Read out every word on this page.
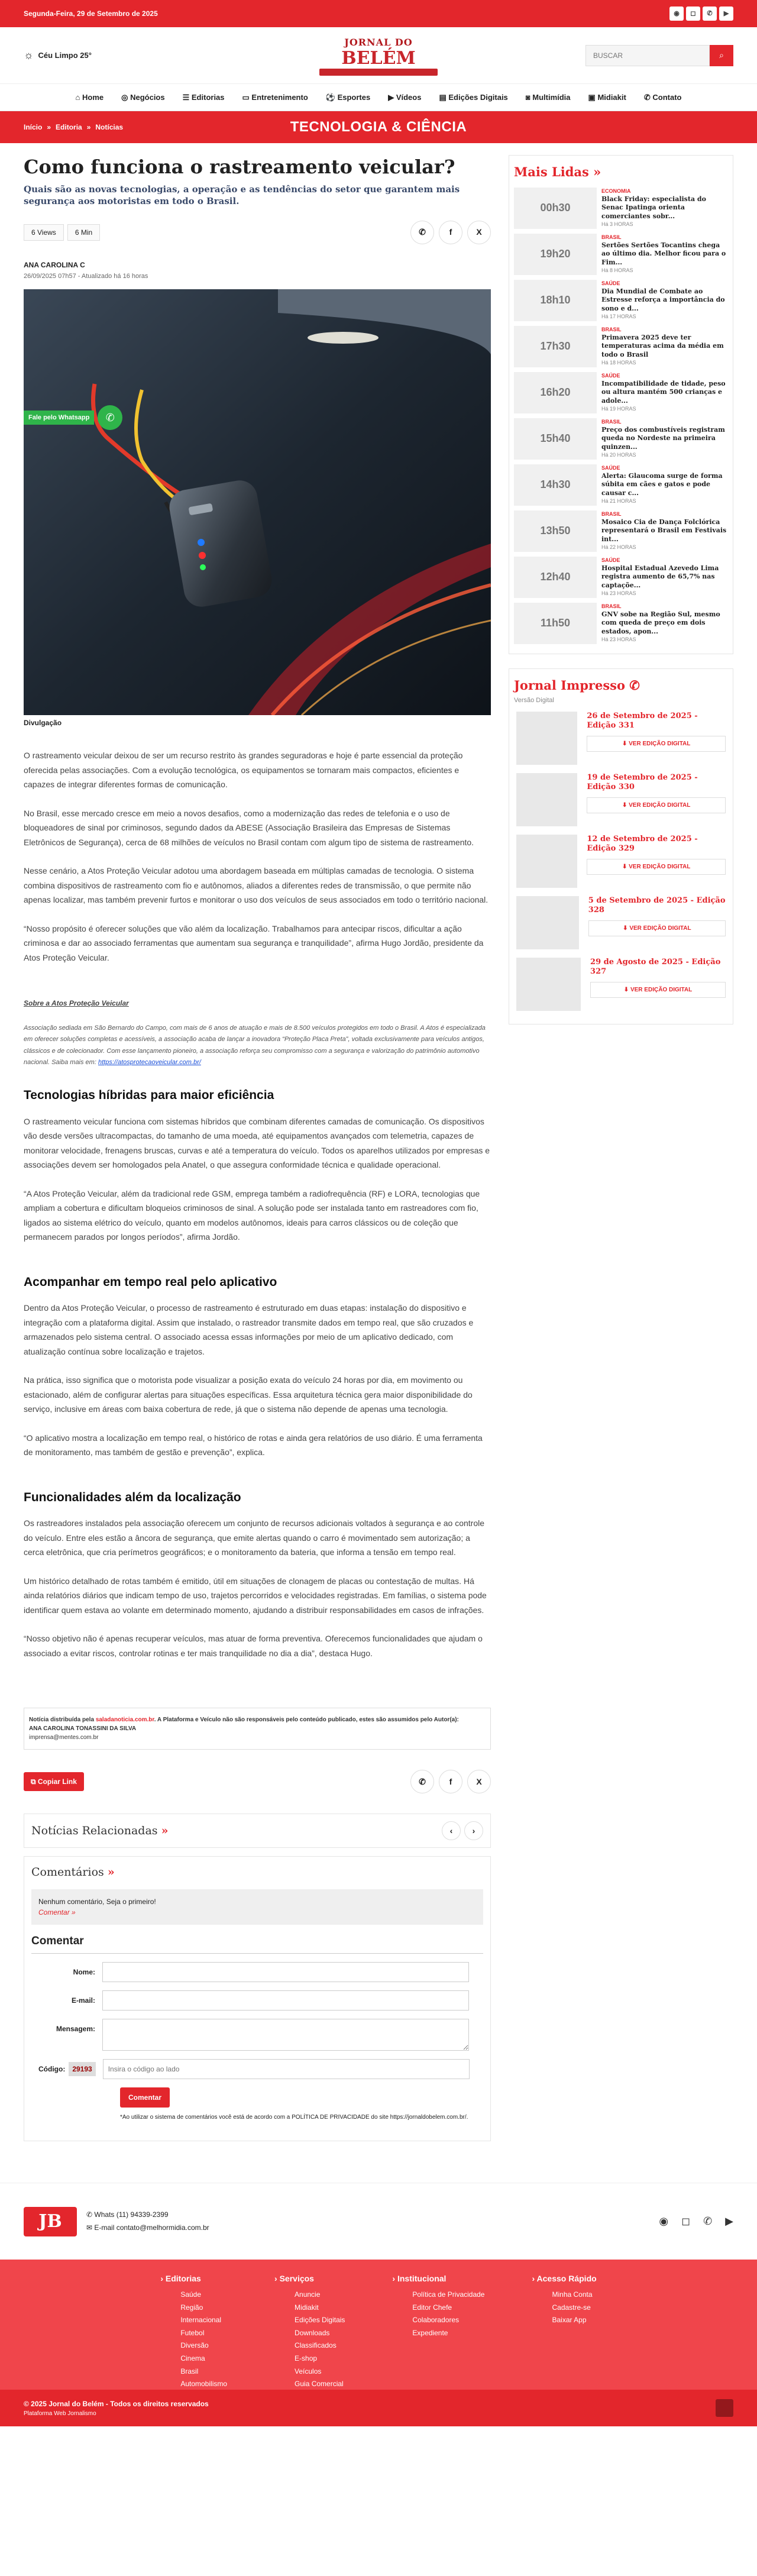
Segunda-Feira, 29 de Setembro de 2025	◉	◻	✆	▶
☼ Céu Limpo 25°
JORNAL DO
BELÉM
BUSCAR	⌕
⌂ Home ◎ Negócios ☰ Editorias ▭ Entretenimento ⚽ Esportes ▶ Vídeos ▤ Edições Digitais ◙ Multimídia ▣ Midiakit ✆ Contato
Início » Editoria » Notícias	TECNOLOGIA & CIÊNCIA
Como funciona o rastreamento veicular?
Quais são as novas tecnologias, a operação e as tendências do setor que garantem mais segurança aos motoristas em todo o Brasil.
6 Views	6 Min	✆	f	X
ANA CAROLINA C
26/09/2025 07h57 - Atualizado há 16 horas
Fale pelo Whatsapp	✆
Divulgação

O rastreamento veicular deixou de ser um recurso restrito às grandes seguradoras e hoje é parte essencial da proteção oferecida pelas associações. Com a evolução tecnológica, os equipamentos se tornaram mais compactos, eficientes e capazes de integrar diferentes formas de comunicação.

No Brasil, esse mercado cresce em meio a novos desafios, como a modernização das redes de telefonia e o uso de bloqueadores de sinal por criminosos, segundo dados da ABESE (Associação Brasileira das Empresas de Sistemas Eletrônicos de Segurança), cerca de 68 milhões de veículos no Brasil contam com algum tipo de sistema de rastreamento.

Nesse cenário, a Atos Proteção Veicular adotou uma abordagem baseada em múltiplas camadas de tecnologia. O sistema combina dispositivos de rastreamento com fio e autônomos, aliados a diferentes redes de transmissão, o que permite não apenas localizar, mas também prevenir furtos e monitorar o uso dos veículos de seus associados em todo o território nacional.

“Nosso propósito é oferecer soluções que vão além da localização. Trabalhamos para antecipar riscos, dificultar a ação criminosa e dar ao associado ferramentas que aumentam sua segurança e tranquilidade”, afirma Hugo Jordão, presidente da Atos Proteção Veicular.

Sobre a Atos Proteção Veicular
Associação sediada em São Bernardo do Campo, com mais de 6 anos de atuação e mais de 8.500 veículos protegidos em todo o Brasil. A Atos é especializada em oferecer soluções completas e acessíveis, a associação acaba de lançar a inovadora “Proteção Placa Preta”, voltada exclusivamente para veículos antigos, clássicos e de colecionador. Com esse lançamento pioneiro, a associação reforça seu compromisso com a segurança e valorização do patrimônio automotivo nacional. Saiba mais em: https://atosprotecaoveicular.com.br/
Tecnologias híbridas para maior eficiência

O rastreamento veicular funciona com sistemas híbridos que combinam diferentes camadas de comunicação. Os dispositivos vão desde versões ultracompactas, do tamanho de uma moeda, até equipamentos avançados com telemetria, capazes de monitorar velocidade, frenagens bruscas, curvas e até a temperatura do veículo. Todos os aparelhos utilizados por empresas e associações devem ser homologados pela Anatel, o que assegura conformidade técnica e qualidade operacional.

“A Atos Proteção Veicular, além da tradicional rede GSM, emprega também a radiofrequência (RF) e LORA, tecnologias que ampliam a cobertura e dificultam bloqueios criminosos de sinal. A solução pode ser instalada tanto em rastreadores com fio, ligados ao sistema elétrico do veículo, quanto em modelos autônomos, ideais para carros clássicos ou de coleção que permanecem parados por longos períodos”, afirma Jordão.

Acompanhar em tempo real pelo aplicativo

Dentro da Atos Proteção Veicular, o processo de rastreamento é estruturado em duas etapas: instalação do dispositivo e integração com a plataforma digital. Assim que instalado, o rastreador transmite dados em tempo real, que são cruzados e armazenados pelo sistema central. O associado acessa essas informações por meio de um aplicativo dedicado, com atualização contínua sobre localização e trajetos.

Na prática, isso significa que o motorista pode visualizar a posição exata do veículo 24 horas por dia, em movimento ou estacionado, além de configurar alertas para situações específicas. Essa arquitetura técnica gera maior disponibilidade do serviço, inclusive em áreas com baixa cobertura de rede, já que o sistema não depende de apenas uma tecnologia.

“O aplicativo mostra a localização em tempo real, o histórico de rotas e ainda gera relatórios de uso diário. É uma ferramenta de monitoramento, mas também de gestão e prevenção”, explica.

Funcionalidades além da localização

Os rastreadores instalados pela associação oferecem um conjunto de recursos adicionais voltados à segurança e ao controle do veículo. Entre eles estão a âncora de segurança, que emite alertas quando o carro é movimentado sem autorização; a cerca eletrônica, que cria perímetros geográficos; e o monitoramento da bateria, que informa a tensão em tempo real.

Um histórico detalhado de rotas também é emitido, útil em situações de clonagem de placas ou contestação de multas. Há ainda relatórios diários que indicam tempo de uso, trajetos percorridos e velocidades registradas. Em famílias, o sistema pode identificar quem estava ao volante em determinado momento, ajudando a distribuir responsabilidades em casos de infrações.

“Nosso objetivo não é apenas recuperar veículos, mas atuar de forma preventiva. Oferecemos funcionalidades que ajudam o associado a evitar riscos, controlar rotinas e ter mais tranquilidade no dia a dia”, destaca Hugo.

Notícia distribuída pela saladanoticia.com.br. A Plataforma e Veículo não são responsáveis pelo conteúdo publicado, estes são assumidos pelo Autor(a):
ANA CAROLINA TONASSINI DA SILVA
imprensa@mentes.com.br
⧉ Copiar Link	✆	f	X
Notícias Relacionadas »	‹	›
Comentários »
Nenhum comentário, Seja o primeiro!
Comentar »
Comentar
Nome:
E-mail:
Mensagem:
Código:	29193
Insira o código ao lado
Comentar
*Ao utilizar o sistema de comentários você está de acordo com a POLÍTICA DE PRIVACIDADE do site https://jornaldobelem.com.br/.
Mais Lidas »
00h30
ECONOMIA
Black Friday: especialista do Senac Ipatinga orienta comerciantes sobr...
Há 3 HORAS
19h20
BRASIL
Sertões Sertões Tocantins chega ao último dia. Melhor ficou para o Fim...
Há 8 HORAS
18h10
SAÚDE
Dia Mundial de Combate ao Estresse reforça a importância do sono e d...
Há 17 HORAS
17h30
BRASIL
Primavera 2025 deve ter temperaturas acima da média em todo o Brasil
Há 18 HORAS
16h20
SAÚDE
Incompatibilidade de tidade, peso ou altura mantém 500 crianças e adole...
Há 19 HORAS
15h40
BRASIL
Preço dos combustíveis registram queda no Nordeste na primeira quinzen...
Há 20 HORAS
14h30
SAÚDE
Alerta: Glaucoma surge de forma súbita em cães e gatos e pode causar c...
Há 21 HORAS
13h50
BRASIL
Mosaico Cia de Dança Folclórica representará o Brasil em Festivais int...
Há 22 HORAS
12h40
SAÚDE
Hospital Estadual Azevedo Lima registra aumento de 65,7% nas captaçõe...
Há 23 HORAS
11h50
BRASIL
GNV sobe na Região Sul, mesmo com queda de preço em dois estados, apon...
Há 23 HORAS
Jornal Impresso ✆
Versão Digital
26 de Setembro de 2025 - Edição 331
⬇ VER EDIÇÃO DIGITAL
19 de Setembro de 2025 - Edição 330
⬇ VER EDIÇÃO DIGITAL
12 de Setembro de 2025 - Edição 329
⬇ VER EDIÇÃO DIGITAL
5 de Setembro de 2025 - Edição 328
⬇ VER EDIÇÃO DIGITAL
29 de Agosto de 2025 - Edição 327
⬇ VER EDIÇÃO DIGITAL
JB	✆ Whats (11) 94339-2399
✉ E-mail contato@melhormidia.com.br
◉ ◻ ✆ ▶
› Editorias
Saúde
Região
Internacional
Futebol
Diversão
Cinema
Brasil
Automobilismo
› Serviços
Anuncie
Midiakit
Edições Digitais
Downloads
Classificados
E-shop
Veículos
Guia Comercial
› Institucional
Política de Privacidade
Editor Chefe
Colaboradores
Expediente
› Acesso Rápido
Minha Conta
Cadastre-se
Baixar App
© 2025 Jornal do Belém - Todos os direitos reservados
Plataforma Web Jornalismo
